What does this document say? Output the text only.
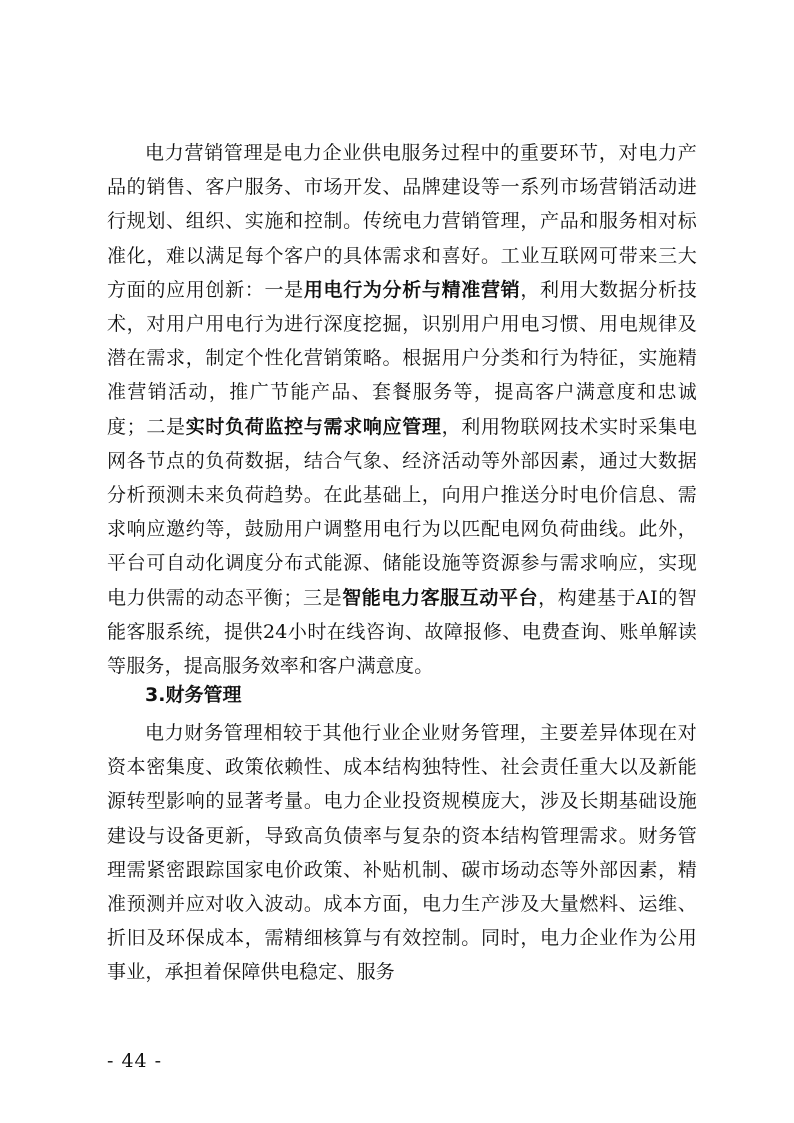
电力营销管理是电力企业供电服务过程中的重要环节，对电力产品的销售、客户服务、市场开发、品牌建设等一系列市场营销活动进行规划、组织、实施和控制。传统电力营销管理，产品和服务相对标准化，难以满足每个客户的具体需求和喜好。工业互联网可带来三大方面的应用创新：一是用电行为分析与精准营销，利用大数据分析技术，对用户用电行为进行深度挖掘，识别用户用电习惯、用电规律及潜在需求，制定个性化营销策略。根据用户分类和行为特征，实施精准营销活动，推广节能产品、套餐服务等，提高客户满意度和忠诚度；二是实时负荷监控与需求响应管理，利用物联网技术实时采集电网各节点的负荷数据，结合气象、经济活动等外部因素，通过大数据分析预测未来负荷趋势。在此基础上，向用户推送分时电价信息、需求响应邀约等，鼓励用户调整用电行为以匹配电网负荷曲线。此外，平台可自动化调度分布式能源、储能设施等资源参与需求响应，实现电力供需的动态平衡；三是智能电力客服互动平台，构建基于AI的智能客服系统，提供24小时在线咨询、故障报修、电费查询、账单解读等服务，提高服务效率和客户满意度。

3.财务管理

电力财务管理相较于其他行业企业财务管理，主要差异体现在对资本密集度、政策依赖性、成本结构独特性、社会责任重大以及新能源转型影响的显著考量。电力企业投资规模庞大，涉及长期基础设施建设与设备更新，导致高负债率与复杂的资本结构管理需求。财务管理需紧密跟踪国家电价政策、补贴机制、碳市场动态等外部因素，精准预测并应对收入波动。成本方面，电力生产涉及大量燃料、运维、折旧及环保成本，需精细核算与有效控制。同时，电力企业作为公用事业，承担着保障供电稳定、服务

- 44 -
